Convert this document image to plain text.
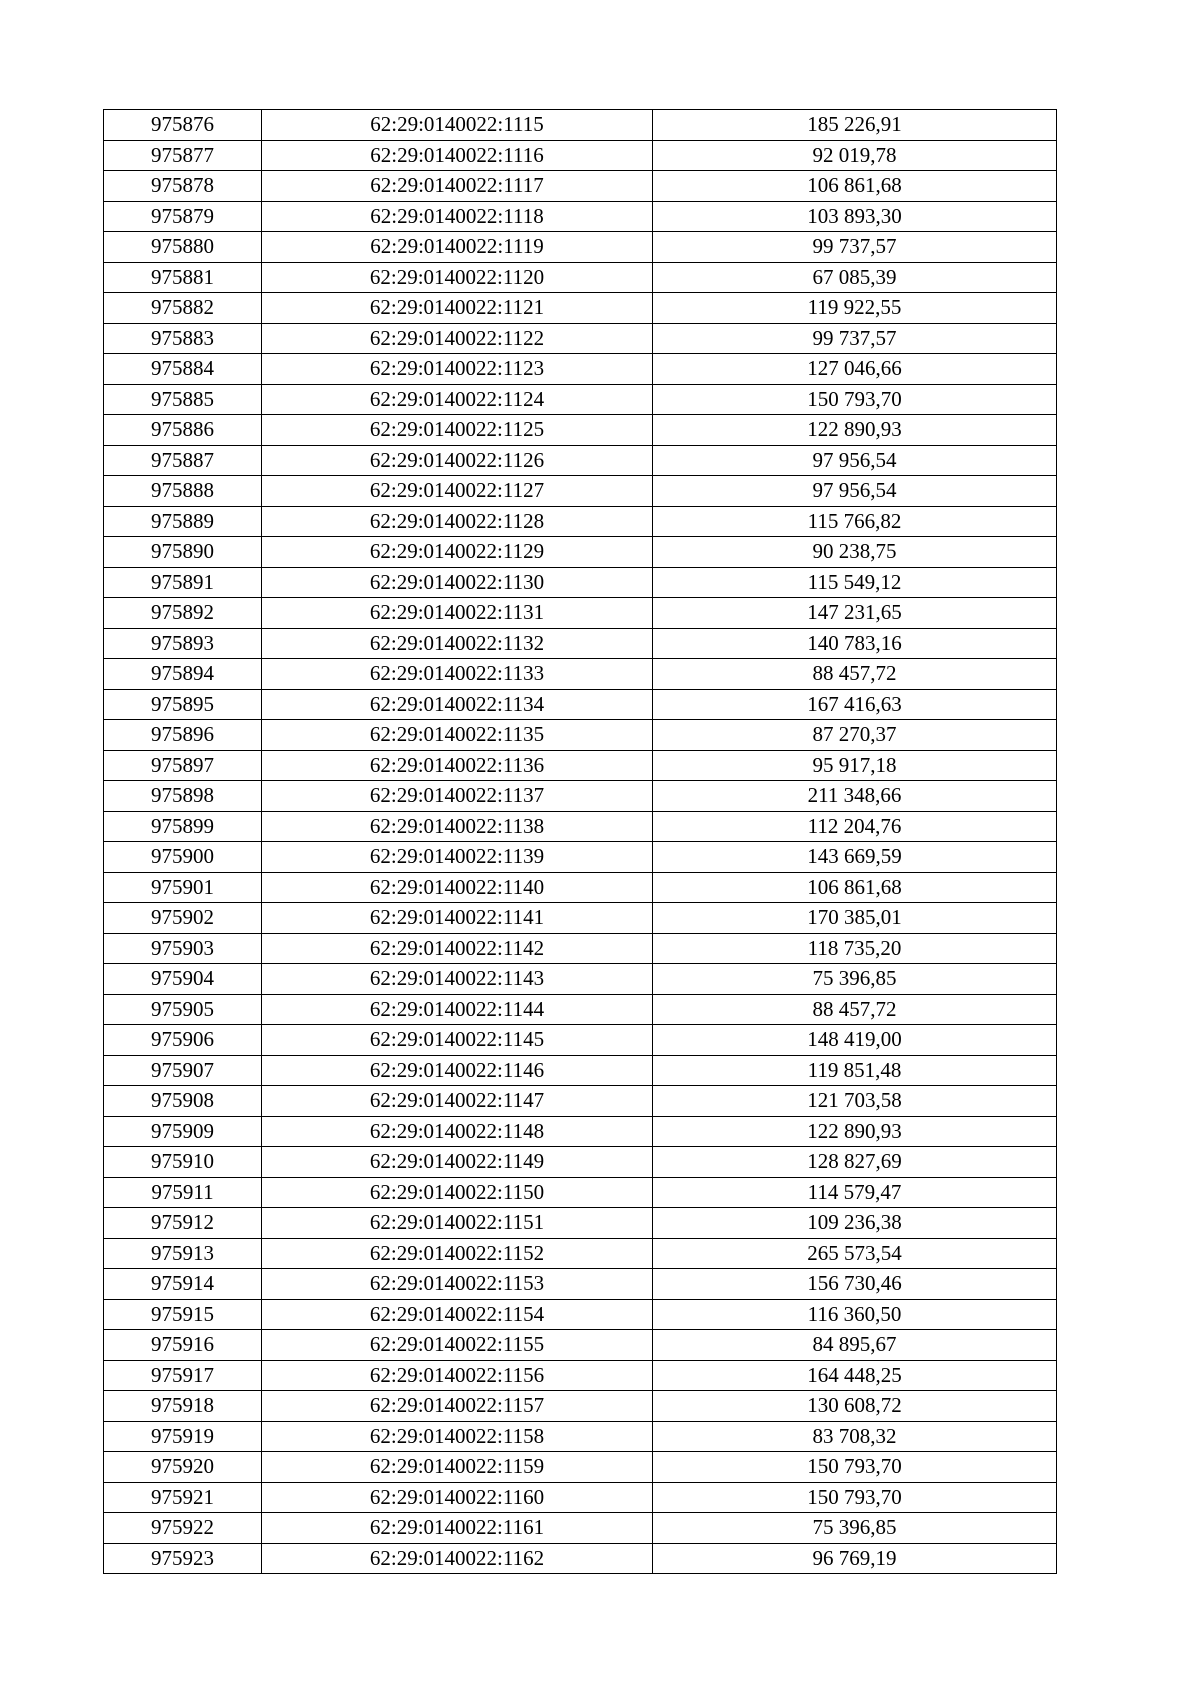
975876	62:29:0140022:1115	185 226,91
975877	62:29:0140022:1116	92 019,78
975878	62:29:0140022:1117	106 861,68
975879	62:29:0140022:1118	103 893,30
975880	62:29:0140022:1119	99 737,57
975881	62:29:0140022:1120	67 085,39
975882	62:29:0140022:1121	119 922,55
975883	62:29:0140022:1122	99 737,57
975884	62:29:0140022:1123	127 046,66
975885	62:29:0140022:1124	150 793,70
975886	62:29:0140022:1125	122 890,93
975887	62:29:0140022:1126	97 956,54
975888	62:29:0140022:1127	97 956,54
975889	62:29:0140022:1128	115 766,82
975890	62:29:0140022:1129	90 238,75
975891	62:29:0140022:1130	115 549,12
975892	62:29:0140022:1131	147 231,65
975893	62:29:0140022:1132	140 783,16
975894	62:29:0140022:1133	88 457,72
975895	62:29:0140022:1134	167 416,63
975896	62:29:0140022:1135	87 270,37
975897	62:29:0140022:1136	95 917,18
975898	62:29:0140022:1137	211 348,66
975899	62:29:0140022:1138	112 204,76
975900	62:29:0140022:1139	143 669,59
975901	62:29:0140022:1140	106 861,68
975902	62:29:0140022:1141	170 385,01
975903	62:29:0140022:1142	118 735,20
975904	62:29:0140022:1143	75 396,85
975905	62:29:0140022:1144	88 457,72
975906	62:29:0140022:1145	148 419,00
975907	62:29:0140022:1146	119 851,48
975908	62:29:0140022:1147	121 703,58
975909	62:29:0140022:1148	122 890,93
975910	62:29:0140022:1149	128 827,69
975911	62:29:0140022:1150	114 579,47
975912	62:29:0140022:1151	109 236,38
975913	62:29:0140022:1152	265 573,54
975914	62:29:0140022:1153	156 730,46
975915	62:29:0140022:1154	116 360,50
975916	62:29:0140022:1155	84 895,67
975917	62:29:0140022:1156	164 448,25
975918	62:29:0140022:1157	130 608,72
975919	62:29:0140022:1158	83 708,32
975920	62:29:0140022:1159	150 793,70
975921	62:29:0140022:1160	150 793,70
975922	62:29:0140022:1161	75 396,85
975923	62:29:0140022:1162	96 769,19
